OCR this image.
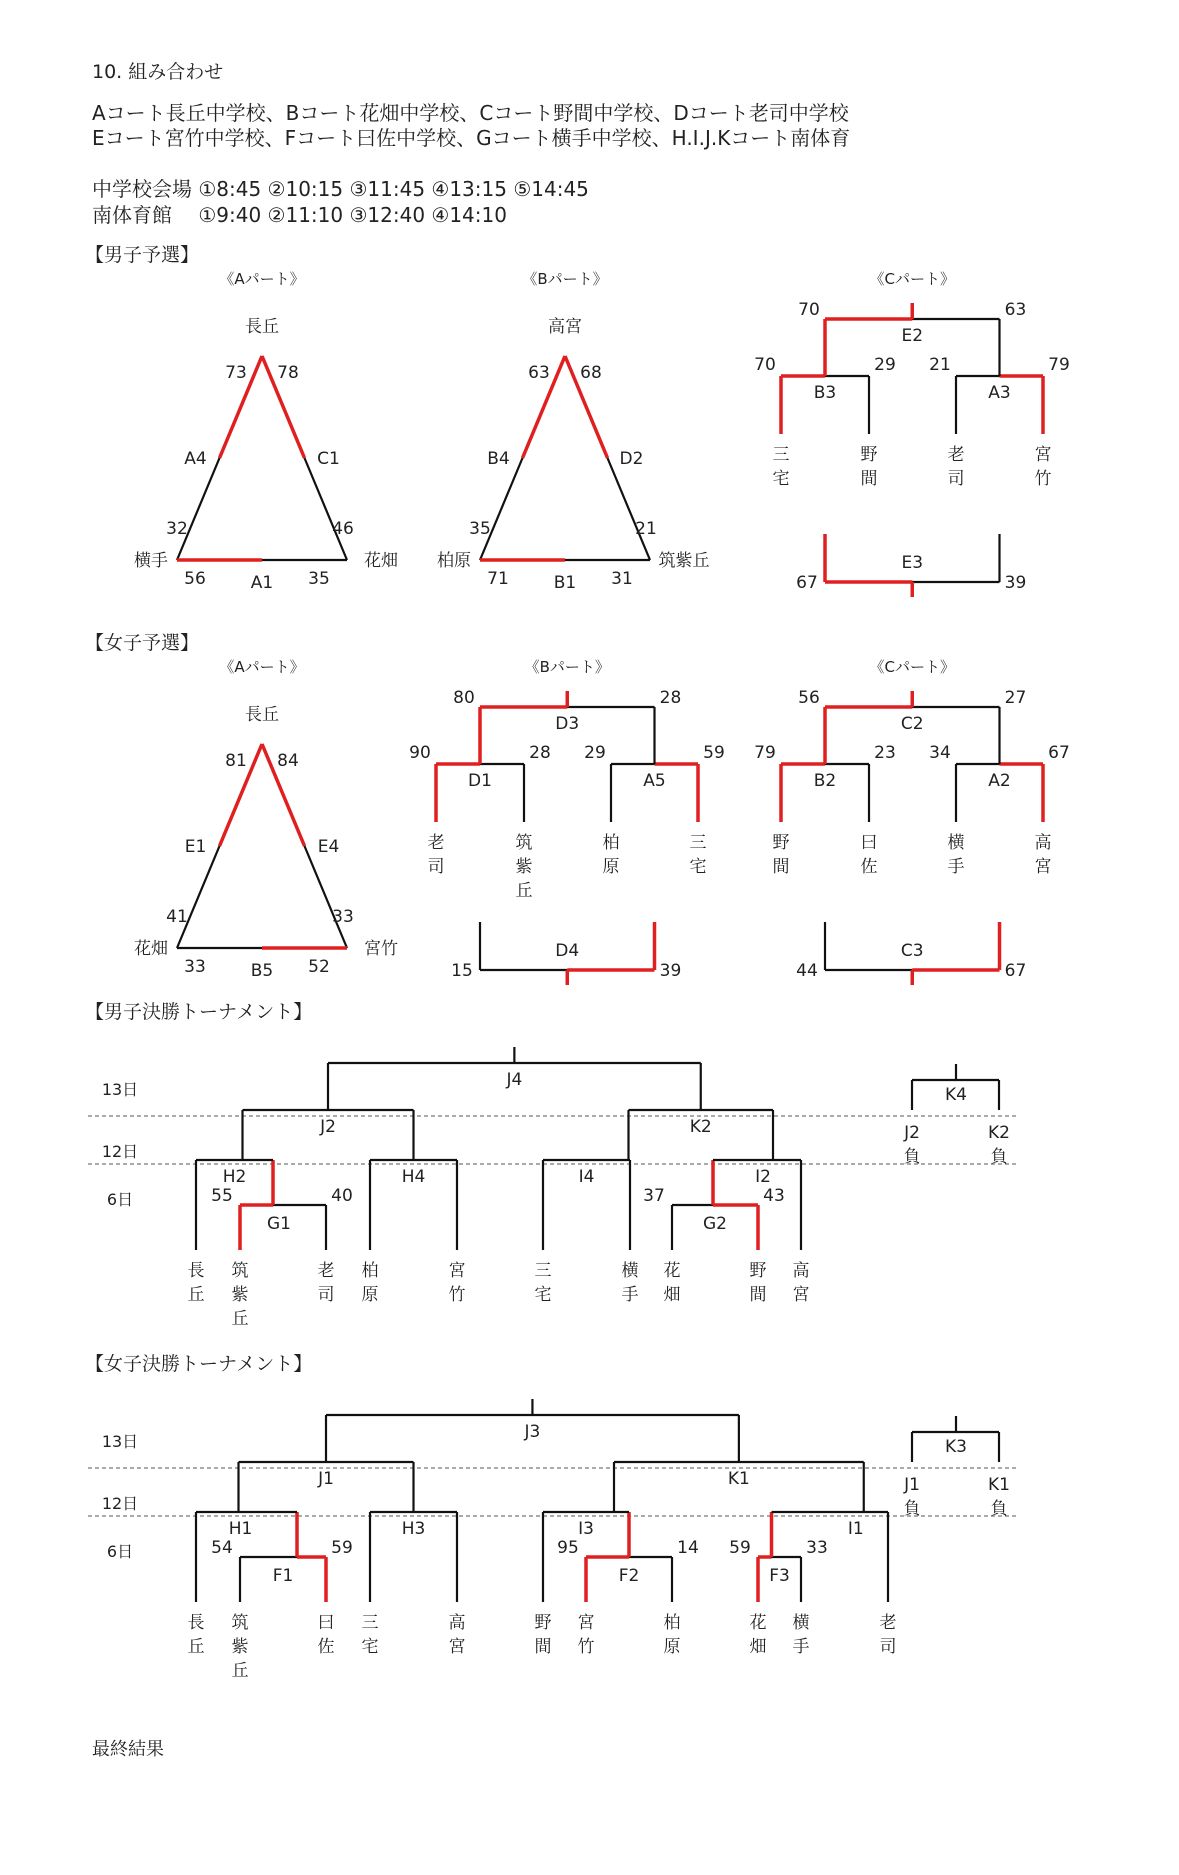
10. 組み合わせ
Aコート長丘中学校、Bコート花畑中学校、Cコート野間中学校、Dコート老司中学校
Eコート宮竹中学校、Fコート曰佐中学校、Gコート横手中学校、H.I.J.Kコート南体育
中学校会場 ①8:45 ②10:15 ③11:45 ④13:15 ⑤14:45
南体育館 　①9:40 ②11:10 ③12:40 ④14:10
【男子予選】
【女子予選】
【男子決勝トーナメント】
【女子決勝トーナメント】
最終結果
《Aパート》
長丘
横手	花畑
A4	C1
A1
73 78
32
56
46
35
《Bパート》
高宮
柏原	筑紫丘
B4	D2
B1
63 68
35
71
21
31
B3
70	29
三
宅
野
間
A3
21	79
老
司
宮
竹
E2
70	63
E3
67	39
《Cパート》
《Aパート》
長丘
花畑	宮竹
E1	E4
B5
81 84
41
33
33
52
D1
90	28
老
司
筑
紫
丘
A5
29	59
柏
原
三
宅
D3
80	28
D4
15	39
《Bパート》
B2
79	23
野
間
曰
佐
A2
34	67
横
手
高
宮
C2
56	27
C3
44	67
《Cパート》
13日
12日
6日
K4
J2
負
K2
負
G1
55	40
H2	H4	I4
G2
37	43
I2
J2	K2
J4
長
丘
筑
紫
丘
老
司
柏
原
宮
竹
三
宅
横
手
花
畑
野
間
高
宮
13日
12日
6日
K3
J1
負
K1
負
F1
54	59
H1	H3
F2
95	14
I3
F3
59	33
I1
J1	K1
J3
長
丘
筑
紫
丘
曰
佐
三
宅
高
宮
野
間
宮
竹
柏
原
花
畑
横
手
老
司
